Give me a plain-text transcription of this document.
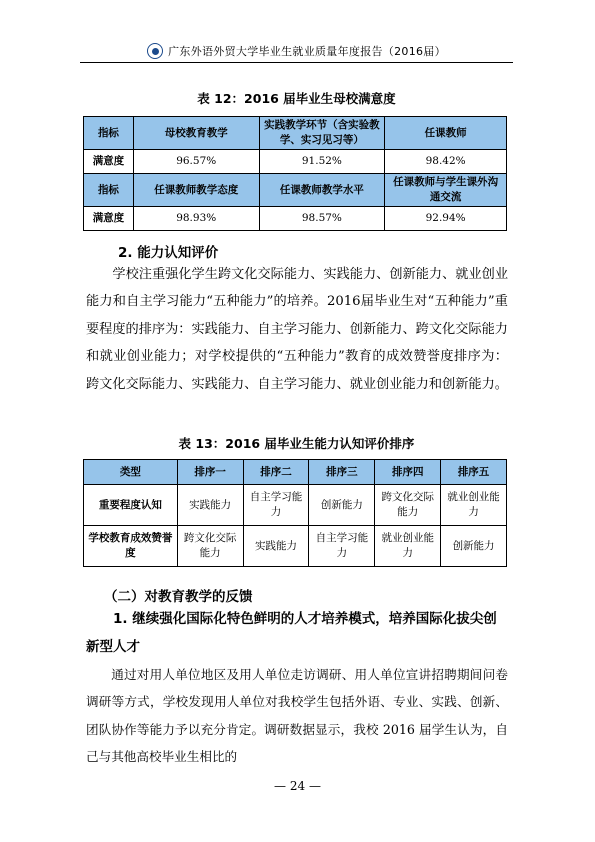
广东外语外贸大学毕业生就业质量年度报告（2016届）
表 12：2016 届毕业生母校满意度
指标	母校教育教学	实践教学环节（含实验教学、实习见习等）	任课教师
满意度	96.57%	91.52%	98.42%
指标	任课教师教学态度	任课教师教学水平	任课教师与学生课外沟通交流
满意度	98.93%	98.57%	92.94%
2. 能力认知评价

学校注重强化学生跨文化交际能力、实践能力、创新能力、就业创业能力和自主学习能力“五种能力”的培养。2016届毕业生对“五种能力”重要程度的排序为：实践能力、自主学习能力、创新能力、跨文化交际能力和就业创业能力；对学校提供的“五种能力”教育的成效赞誉度排序为：跨文化交际能力、实践能力、自主学习能力、就业创业能力和创新能力。

表 13：2016 届毕业生能力认知评价排序
类型	排序一	排序二	排序三	排序四	排序五
重要程度认知	实践能力	自主学习能力	创新能力	跨文化交际能力	就业创业能力
学校教育成效赞誉度	跨文化交际能力	实践能力	自主学习能力	就业创业能力	创新能力
（二）对教育教学的反馈

1. 继续强化国际化特色鲜明的人才培养模式，培养国际化拔尖创新型人才

通过对用人单位地区及用人单位走访调研、用人单位宣讲招聘期间问卷调研等方式，学校发现用人单位对我校学生包括外语、专业、实践、创新、团队协作等能力予以充分肯定。调研数据显示，我校 2016 届学生认为，自己与其他高校毕业生相比的

— 24 —
